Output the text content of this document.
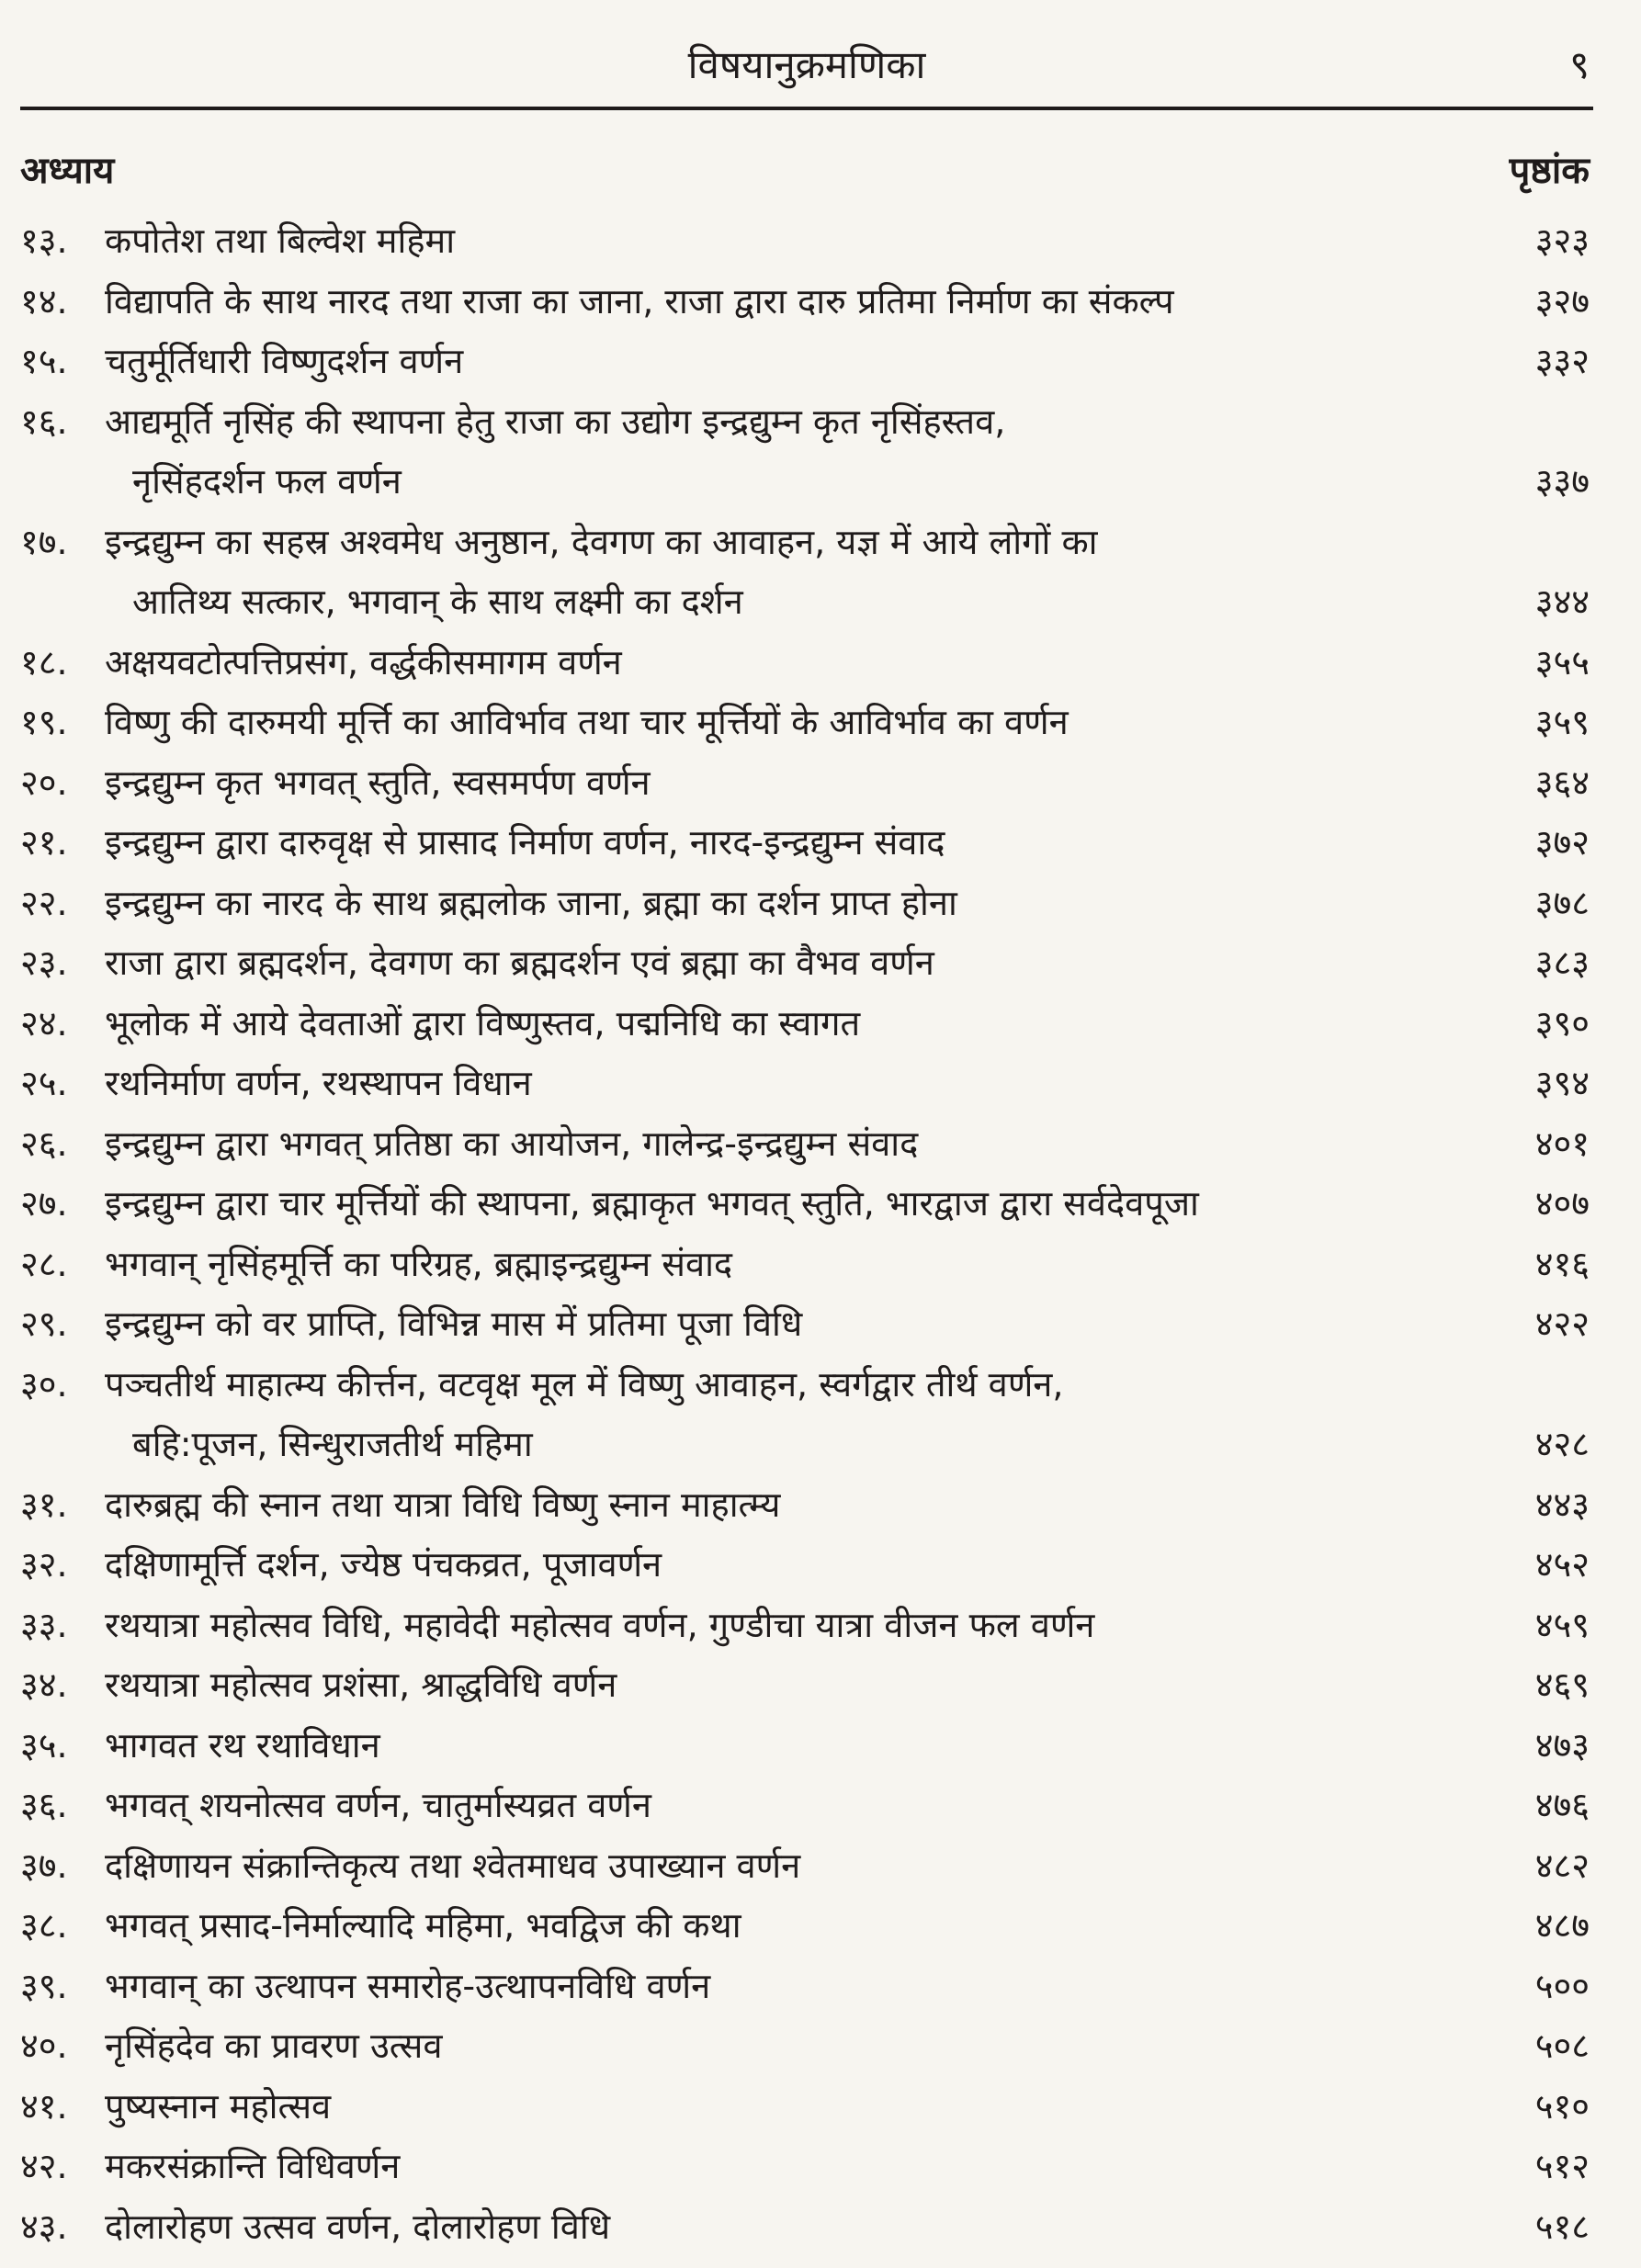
विषयानुक्रमणिका	९
अध्याय	पृष्ठांक
१३.	कपोतेश तथा बिल्वेश महिमा	३२३
१४.	विद्यापति के साथ नारद तथा राजा का जाना, राजा द्वारा दारु प्रतिमा निर्माण का संकल्प	३२७
१५.	चतुर्मूर्तिधारी विष्णुदर्शन वर्णन	३३२
१६.	आद्यमूर्ति नृसिंह की स्थापना हेतु राजा का उद्योग इन्द्रद्युम्न कृत नृसिंहस्तव,
नृसिंहदर्शन फल वर्णन	३३७
१७.	इन्द्रद्युम्न का सहस्र अश्वमेध अनुष्ठान, देवगण का आवाहन, यज्ञ में आये लोगों का
आतिथ्य सत्कार, भगवान् के साथ लक्ष्मी का दर्शन	३४४
१८.	अक्षयवटोत्पत्तिप्रसंग, वर्द्धकीसमागम वर्णन	३५५
१९.	विष्णु की दारुमयी मूर्त्ति का आविर्भाव तथा चार मूर्त्तियों के आविर्भाव का वर्णन	३५९
२०.	इन्द्रद्युम्न कृत भगवत् स्तुति, स्वसमर्पण वर्णन	३६४
२१.	इन्द्रद्युम्न द्वारा दारुवृक्ष से प्रासाद निर्माण वर्णन, नारद-इन्द्रद्युम्न संवाद	३७२
२२.	इन्द्रद्युम्न का नारद के साथ ब्रह्मलोक जाना, ब्रह्मा का दर्शन प्राप्त होना	३७८
२३.	राजा द्वारा ब्रह्मदर्शन, देवगण का ब्रह्मदर्शन एवं ब्रह्मा का वैभव वर्णन	३८३
२४.	भूलोक में आये देवताओं द्वारा विष्णुस्तव, पद्मनिधि का स्वागत	३९०
२५.	रथनिर्माण वर्णन, रथस्थापन विधान	३९४
२६.	इन्द्रद्युम्न द्वारा भगवत् प्रतिष्ठा का आयोजन, गालेन्द्र-इन्द्रद्युम्न संवाद	४०१
२७.	इन्द्रद्युम्न द्वारा चार मूर्त्तियों की स्थापना, ब्रह्माकृत भगवत् स्तुति, भारद्वाज द्वारा सर्वदेवपूजा	४०७
२८.	भगवान् नृसिंहमूर्त्ति का परिग्रह, ब्रह्माइन्द्रद्युम्न संवाद	४१६
२९.	इन्द्रद्युम्न को वर प्राप्ति, विभिन्न मास में प्रतिमा पूजा विधि	४२२
३०.	पञ्चतीर्थ माहात्म्य कीर्त्तन, वटवृक्ष मूल में विष्णु आवाहन, स्वर्गद्वार तीर्थ वर्णन,
बहि:पूजन, सिन्धुराजतीर्थ महिमा	४२८
३१.	दारुब्रह्म की स्नान तथा यात्रा विधि विष्णु स्नान माहात्म्य	४४३
३२.	दक्षिणामूर्त्ति दर्शन, ज्येष्ठ पंचकव्रत, पूजावर्णन	४५२
३३.	रथयात्रा महोत्सव विधि, महावेदी महोत्सव वर्णन, गुण्डीचा यात्रा वीजन फल वर्णन	४५९
३४.	रथयात्रा महोत्सव प्रशंसा, श्राद्धविधि वर्णन	४६९
३५.	भागवत रथ रथाविधान	४७३
३६.	भगवत् शयनोत्सव वर्णन, चातुर्मास्यव्रत वर्णन	४७६
३७.	दक्षिणायन संक्रान्तिकृत्य तथा श्वेतमाधव उपाख्यान वर्णन	४८२
३८.	भगवत् प्रसाद-निर्माल्यादि महिमा, भवद्विज की कथा	४८७
३९.	भगवान् का उत्थापन समारोह-उत्थापनविधि वर्णन	५००
४०.	नृसिंहदेव का प्रावरण उत्सव	५०८
४१.	पुष्यस्नान महोत्सव	५१०
४२.	मकरसंक्रान्ति विधिवर्णन	५१२
४३.	दोलारोहण उत्सव वर्णन, दोलारोहण विधि	५१८
